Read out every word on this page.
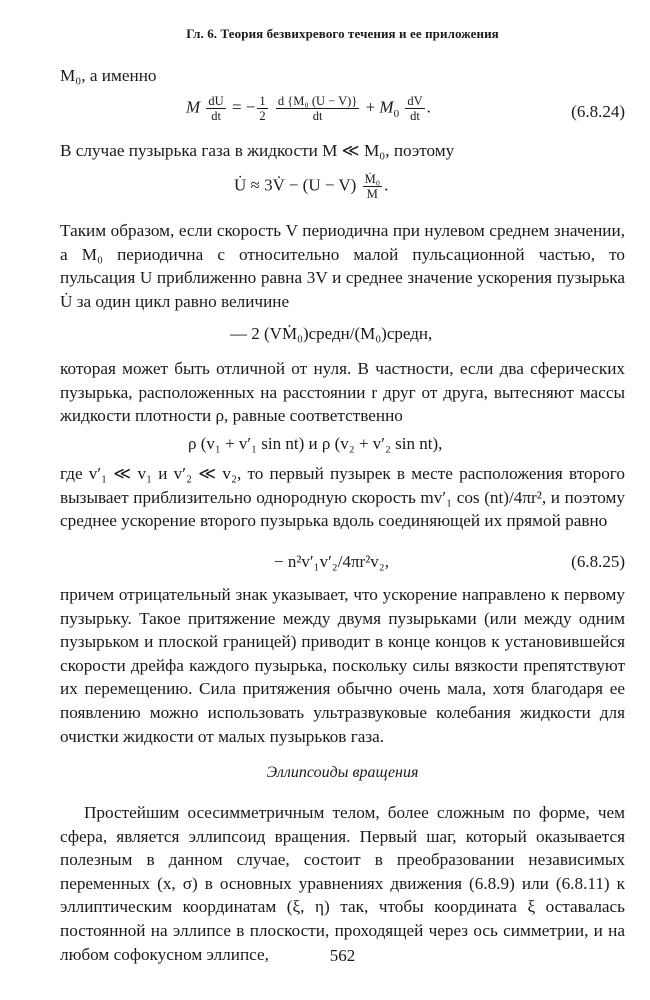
Гл. 6. Теория безвихревого течения и ее приложения
M₀, а именно
M $\frac{dU}{dt}$ = − $\frac{1}{2}$
$\frac{\text{d \{M₀ (U − V)\}}}{dt} + M_0 \frac{dV}{dt}$ .	(6.8.24)
В случае пузырька газа в жидкости M ≪ M₀, поэтому
U̇ ≈ 3V̇ − $(U - V) \frac{\text{Ṁ₀}}{M}$ .
Таким образом, если скорость V периодична при нулевом среднем значении, а M₀ периодична с относительно малой пульсационной частью, то пульсация U приближенно равна 3V и среднее значение ускорения пузырька U̇ за один цикл равно величине
— 2 (VṀ₀)средн/(M₀)средн,
которая может быть отличной от нуля. В частности, если два сферических пузырька, расположенных на расстоянии r друг от друга, вытесняют массы жидкости плотности ρ, равные соответственно
ρ (v₁ + v′₁ sin nt) и ρ (v₂ + v′₂ sin nt),
где v′₁ ≪ v₁ и v′₂ ≪ v₂, то первый пузырек в месте расположения второго вызывает приблизительно однородную скорость mv′₁ cos (nt)/4πr², и поэтому среднее ускорение второго пузырька вдоль соединяющей их прямой равно
− n²v′₁v′₂/4πr²v₂,	(6.8.25)
причем отрицательный знак указывает, что ускорение направлено к первому пузырьку. Такое притяжение между двумя пузырьками (или между одним пузырьком и плоской границей) приводит в конце концов к установившейся скорости дрейфа каждого пузырька, поскольку силы вязкости препятствуют их перемещению. Сила притяжения обычно очень мала, хотя благодаря ее появлению можно использовать ультразвуковые колебания жидкости для очистки жидкости от малых пузырьков газа.
Эллипсоиды вращения
Простейшим осесимметричным телом, более сложным по форме, чем сфера, является эллипсоид вращения. Первый шаг, который оказывается полезным в данном случае, состоит в преобразовании независимых переменных (x, σ) в основных уравнениях движения (6.8.9) или (6.8.11) к эллиптическим координатам (ξ, η) так, чтобы координата ξ оставалась постоянной на эллипсе в плоскости, проходящей через ось симметрии, и на любом софокусном эллипсе,	562
